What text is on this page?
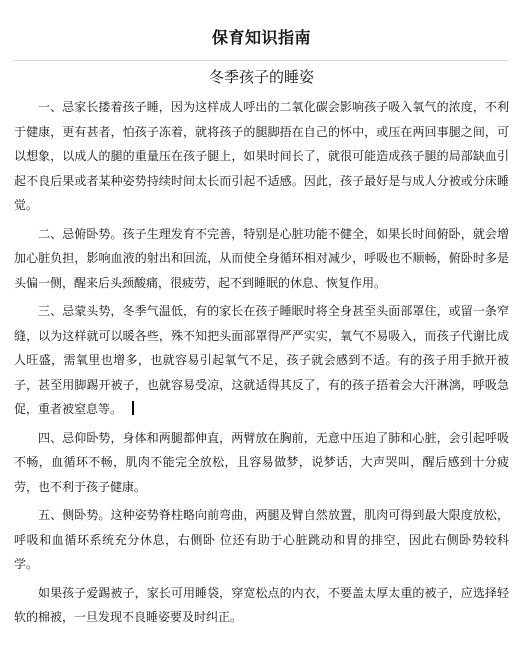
保育知识指南
冬季孩子的睡姿

一、忌家长搂着孩子睡，因为这样成人呼出的二氧化碳会影响孩子吸入氧气的浓度，不利于健康，更有甚者，怕孩子冻着，就将孩子的腿脚捂在自己的怀中，或压在两回事腿之间，可以想象，以成人的腿的重量压在孩子腿上，如果时间长了，就很可能造成孩子腿的局部缺血引起不良后果或者某种姿势持续时间太长而引起不适感。因此，孩子最好是与成人分被或分床睡觉。

二、忌俯卧势。孩子生理发育不完善，特别是心脏功能不健全，如果长时间俯卧，就会增加心脏负担，影响血液的射出和回流，从而使全身循环相对减少，呼吸也不顺畅，俯卧时多是头偏一侧，醒来后头颈酸痛，很疲劳，起不到睡眠的休息、恢复作用。

三、忌蒙头势，冬季气温低，有的家长在孩子睡眠时将全身甚至头面部罩住，或留一条窄缝，以为这样就可以暖各些，殊不知把头面部罩得严严实实，氧气不易吸入，而孩子代谢比成人旺盛，需氧里也增多，也就容易引起氧气不足，孩子就会感到不适。有的孩子用手掀开被子，甚至用脚踢开被子，也就容易受凉，这就适得其反了，有的孩子捂着会大汗淋漓，呼吸急促，重者被窒息等。

四、忌仰卧势，身体和两腿都伸直，两臂放在胸前，无意中压迫了肺和心脏，会引起呼吸不畅，血循环不畅，肌肉不能完全放松，且容易做梦，说梦话，大声哭叫，醒后感到十分疲劳，也不利于孩子健康。

五、侧卧势。这种姿势脊柱略向前弯曲，两腿及臂自然放置，肌肉可得到最大限度放松，呼吸和血循环系统充分休息，右侧卧 位还有助于心脏跳动和胃的排空，因此右侧卧势较科学。

如果孩子爱踢被子，家长可用睡袋，穿宽松点的内衣，不要盖太厚太重的被子，应选择轻软的棉被，一旦发现不良睡姿要及时纠正。
